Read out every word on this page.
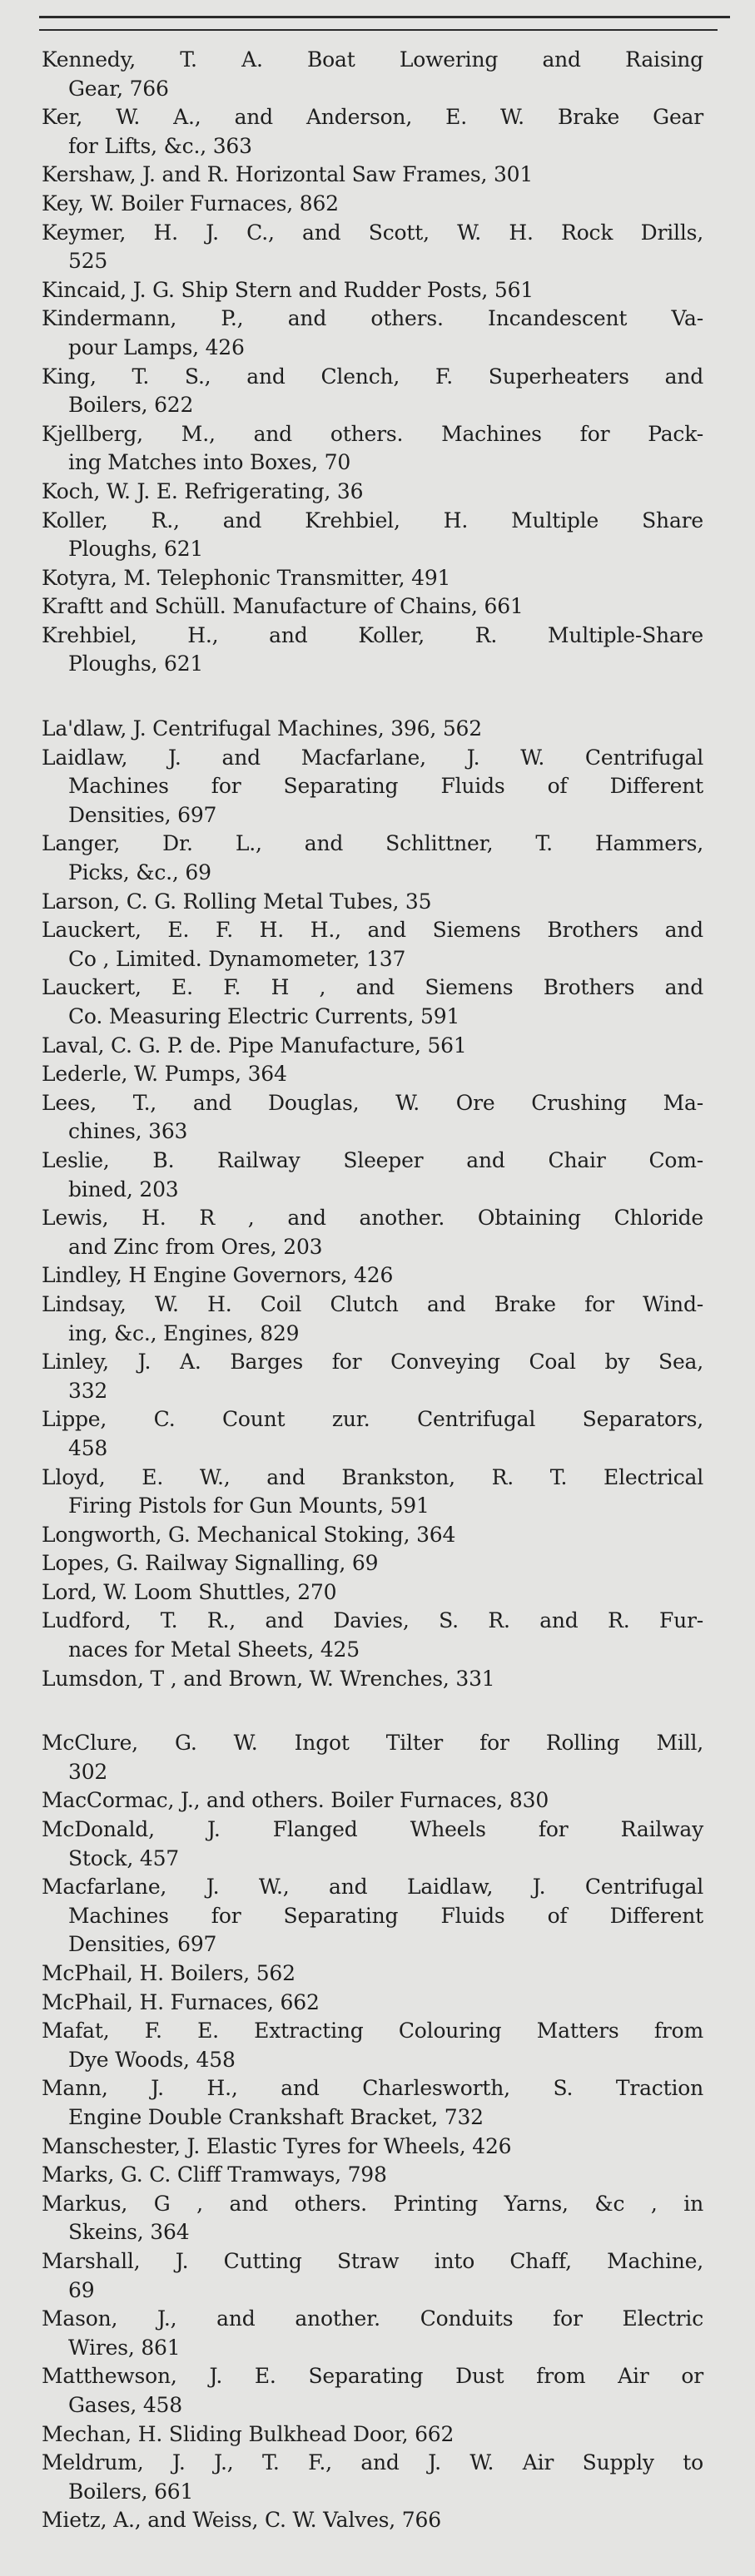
Kennedy, T. A. Boat Lowering and Raising
Gear, 766
Ker, W. A., and Anderson, E. W. Brake Gear
for Lifts, &c., 363
Kershaw, J. and R. Horizontal Saw Frames, 301
Key, W. Boiler Furnaces, 862
Keymer, H. J. C., and Scott, W. H. Rock Drills,
525
Kincaid, J. G. Ship Stern and Rudder Posts, 561
Kindermann, P., and others. Incandescent Va-
pour Lamps, 426
King, T. S., and Clench, F. Superheaters and
Boilers, 622
Kjellberg, M., and others. Machines for Pack-
ing Matches into Boxes, 70
Koch, W. J. E. Refrigerating, 36
Koller, R., and Krehbiel, H. Multiple Share
Ploughs, 621
Kotyra, M. Telephonic Transmitter, 491
Kraftt and Schüll. Manufacture of Chains, 661
Krehbiel, H., and Koller, R. Multiple-Share
Ploughs, 621
La'dlaw, J. Centrifugal Machines, 396, 562
Laidlaw, J. and Macfarlane, J. W. Centrifugal
Machines for Separating Fluids of Different
Densities, 697
Langer, Dr. L., and Schlittner, T. Hammers,
Picks, &c., 69
Larson, C. G. Rolling Metal Tubes, 35
Lauckert, E. F. H. H., and Siemens Brothers and
Co , Limited. Dynamometer, 137
Lauckert, E. F. H , and Siemens Brothers and
Co. Measuring Electric Currents, 591
Laval, C. G. P. de. Pipe Manufacture, 561
Lederle, W. Pumps, 364
Lees, T., and Douglas, W. Ore Crushing Ma-
chines, 363
Leslie, B. Railway Sleeper and Chair Com-
bined, 203
Lewis, H. R , and another. Obtaining Chloride
and Zinc from Ores, 203
Lindley, H Engine Governors, 426
Lindsay, W. H. Coil Clutch and Brake for Wind-
ing, &c., Engines, 829
Linley, J. A. Barges for Conveying Coal by Sea,
332
Lippe, C. Count zur. Centrifugal Separators,
458
Lloyd, E. W., and Brankston, R. T. Electrical
Firing Pistols for Gun Mounts, 591
Longworth, G. Mechanical Stoking, 364
Lopes, G. Railway Signalling, 69
Lord, W. Loom Shuttles, 270
Ludford, T. R., and Davies, S. R. and R. Fur-
naces for Metal Sheets, 425
Lumsdon, T , and Brown, W. Wrenches, 331
McClure, G. W. Ingot Tilter for Rolling Mill,
302
MacCormac, J., and others. Boiler Furnaces, 830
McDonald, J. Flanged Wheels for Railway
Stock, 457
Macfarlane, J. W., and Laidlaw, J. Centrifugal
Machines for Separating Fluids of Different
Densities, 697
McPhail, H. Boilers, 562
McPhail, H. Furnaces, 662
Mafat, F. E. Extracting Colouring Matters from
Dye Woods, 458
Mann, J. H., and Charlesworth, S. Traction
Engine Double Crankshaft Bracket, 732
Manschester, J. Elastic Tyres for Wheels, 426
Marks, G. C. Cliff Tramways, 798
Markus, G , and others. Printing Yarns, &c , in
Skeins, 364
Marshall, J. Cutting Straw into Chaff, Machine,
69
Mason, J., and another. Conduits for Electric
Wires, 861
Matthewson, J. E. Separating Dust from Air or
Gases, 458
Mechan, H. Sliding Bulkhead Door, 662
Meldrum, J. J., T. F., and J. W. Air Supply to
Boilers, 661
Mietz, A., and Weiss, C. W. Valves, 766
